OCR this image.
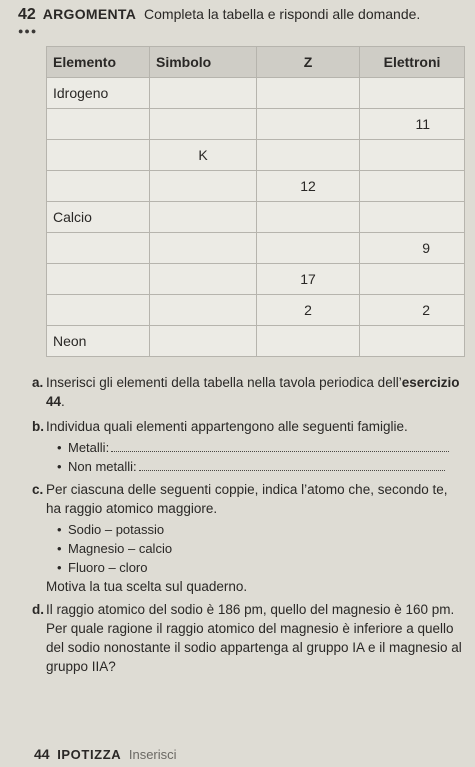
42 ARGOMENTA Completa la tabella e rispondi alle domande.
●●●
Elemento	Simbolo	Z	Elettroni
Idrogeno			
			11
	K		
		12	
Calcio			
			9
		17	
		2	2
Neon			
a. Inserisci gli elementi della tabella nella tavola periodica dell’esercizio 44.
b. Individua quali elementi appartengono alle seguenti famiglie.
• Metalli:
• Non metalli:
c. Per ciascuna delle seguenti coppie, indica l’atomo che, secondo te, ha raggio atomico maggiore.
• Sodio – potassio
• Magnesio – calcio
• Fluoro – cloro
Motiva la tua scelta sul quaderno.
d. Il raggio atomico del sodio è 186 pm, quello del magnesio è 160 pm. Per quale ragione il raggio atomico del magnesio è inferiore a quello del sodio nonostante il sodio appartenga al gruppo IA e il magnesio al gruppo IIA?
44 IPOTIZZA Inserisci
